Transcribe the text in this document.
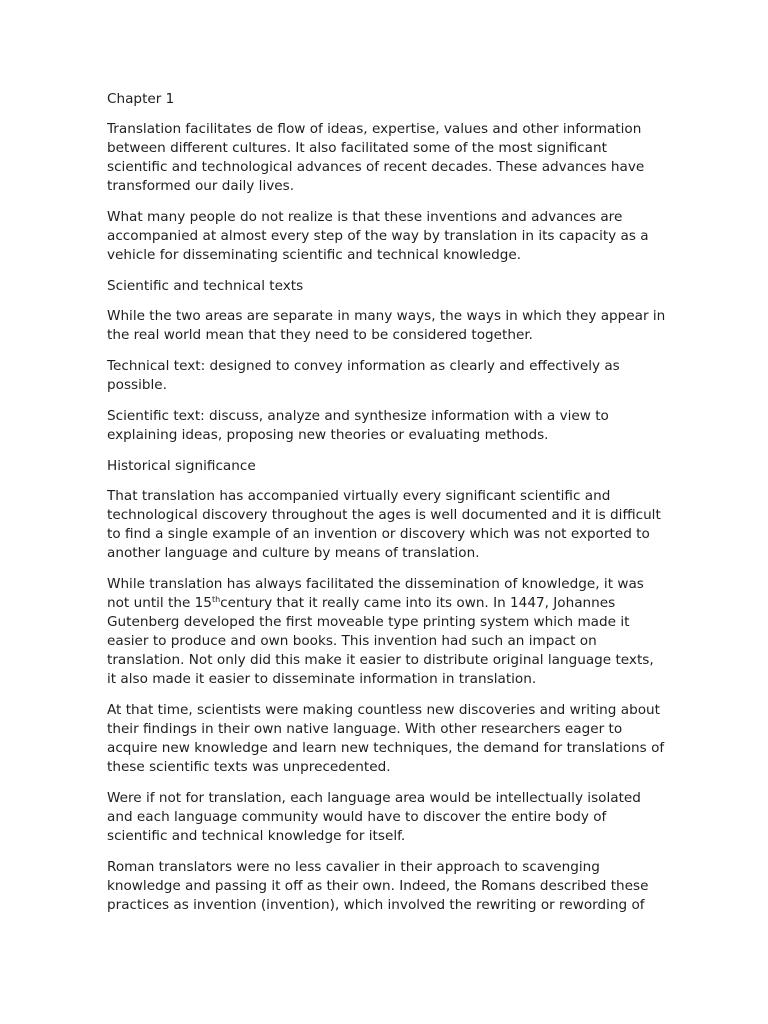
Chapter 1

Translation facilitates de flow of ideas, expertise, values and other information between different cultures. It also facilitated some of the most significant scientific and technological advances of recent decades. These advances have transformed our daily lives.

What many people do not realize is that these inventions and advances are accompanied at almost every step of the way by translation in its capacity as a vehicle for disseminating scientific and technical knowledge.

Scientific and technical texts

While the two areas are separate in many ways, the ways in which they appear in the real world mean that they need to be considered together.

Technical text: designed to convey information as clearly and effectively as possible.

Scientific text: discuss, analyze and synthesize information with a view to explaining ideas, proposing new theories or evaluating methods.

Historical significance

That translation has accompanied virtually every significant scientific and technological discovery throughout the ages is well documented and it is difficult to find a single example of an invention or discovery which was not exported to another language and culture by means of translation.

While translation has always facilitated the dissemination of knowledge, it was not until the 15thcentury that it really came into its own. In 1447, Johannes Gutenberg developed the first moveable type printing system which made it easier to produce and own books. This invention had such an impact on translation. Not only did this make it easier to distribute original language texts, it also made it easier to disseminate information in translation.

At that time, scientists were making countless new discoveries and writing about their findings in their own native language. With other researchers eager to acquire new knowledge and learn new techniques, the demand for translations of these scientific texts was unprecedented.

Were if not for translation, each language area would be intellectually isolated and each language community would have to discover the entire body of scientific and technical knowledge for itself.

Roman translators were no less cavalier in their approach to scavenging knowledge and passing it off as their own. Indeed, the Romans described these practices as invention (invention), which involved the rewriting or rewording of
